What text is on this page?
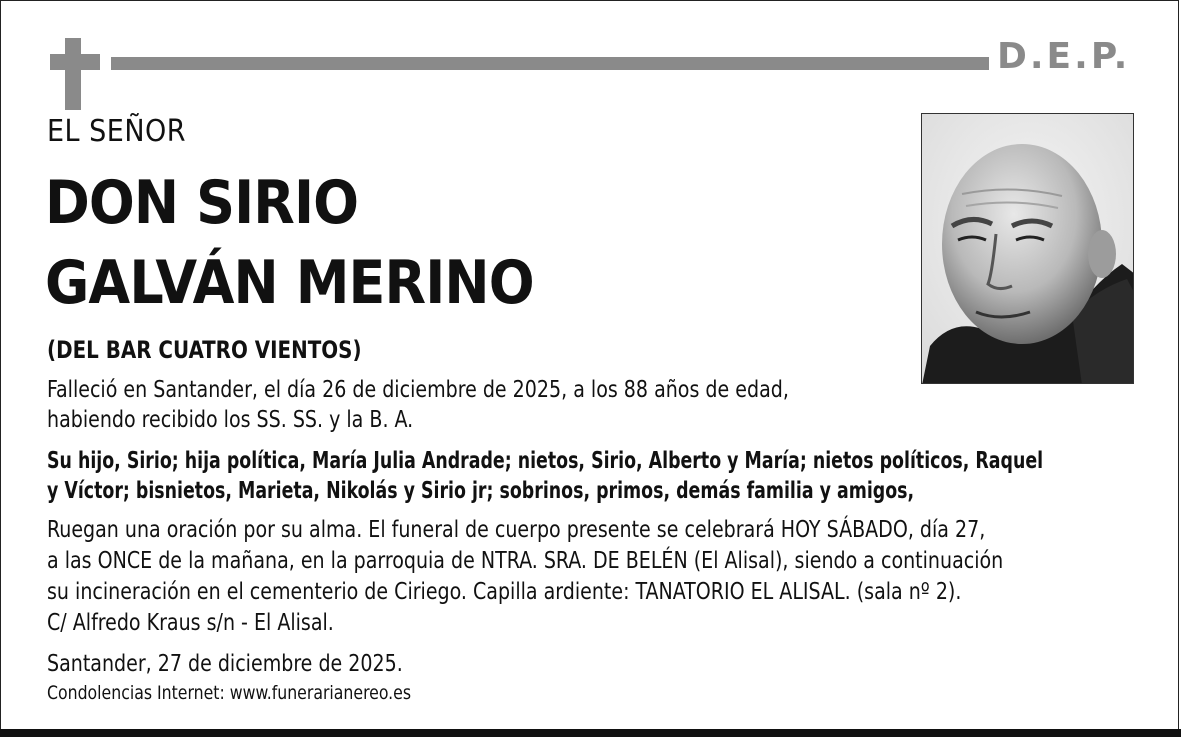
D.E.P.
EL SEÑOR
DON SIRIO
GALVÁN MERINO
(DEL BAR CUATRO VIENTOS)
Falleció en Santander, el día 26 de diciembre de 2025, a los 88 años de edad,
habiendo recibido los SS. SS. y la B. A.
Su hijo, Sirio; hija política, María Julia Andrade; nietos, Sirio, Alberto y María; nietos políticos, Raquel
y Víctor; bisnietos, Marieta, Nikolás y Sirio jr; sobrinos, primos, demás familia y amigos,
Ruegan una oración por su alma. El funeral de cuerpo presente se celebrará HOY SÁBADO, día 27,
a las ONCE de la mañana, en la parroquia de NTRA. SRA. DE BELÉN (El Alisal), siendo a continuación
su incineración en el cementerio de Ciriego. Capilla ardiente: TANATORIO EL ALISAL. (sala nº 2).
C/ Alfredo Kraus s/n - El Alisal.
Santander, 27 de diciembre de 2025.
Condolencias Internet: www.funerarianereo.es
